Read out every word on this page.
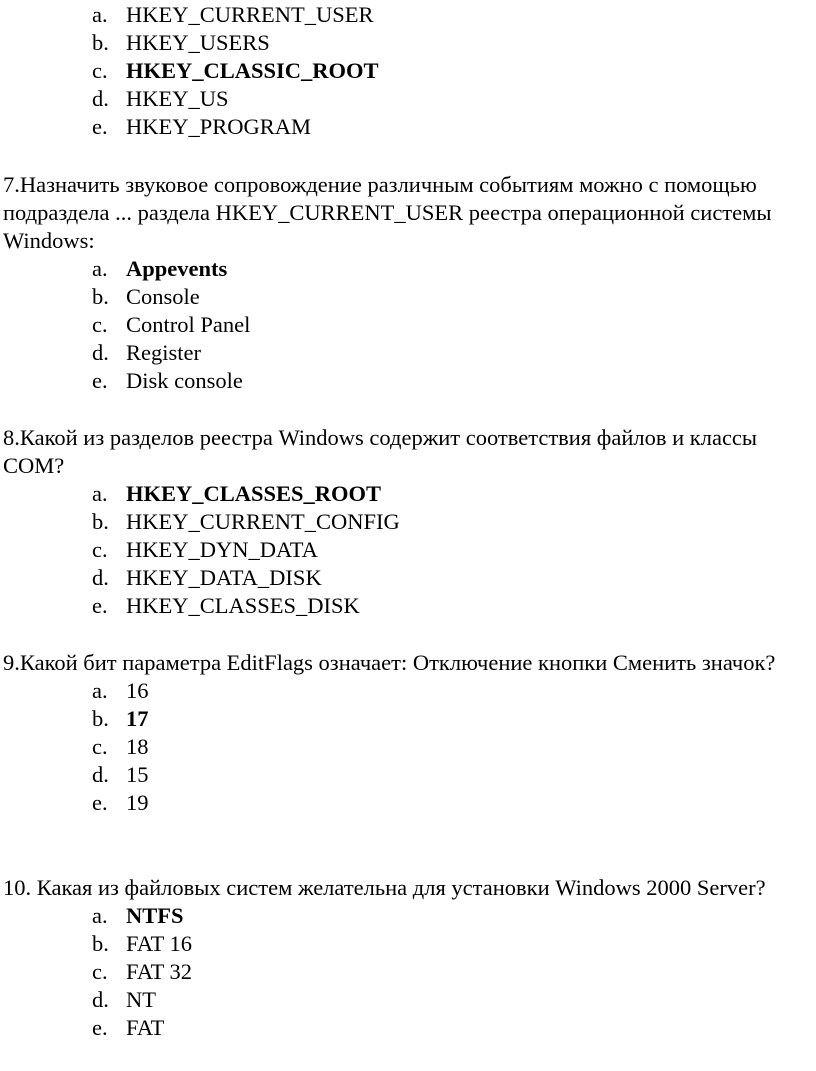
a. HKEY_CURRENT_USER
b. HKEY_USERS
c. HKEY_CLASSIC_ROOT
d. HKEY_US
e. HKEY_PROGRAM

7.Назначить звуковое сопровождение различным событиям можно с помощью подраздела ... раздела HKEY_CURRENT_USER реестра операционной системы Windows:

a. Appevents
b. Console
c. Control Panel
d. Register
e. Disk console

8.Какой из разделов реестра Windows содержит соответствия файлов и классы COM?

a. HKEY_CLASSES_ROOT
b. HKEY_CURRENT_CONFIG
c. HKEY_DYN_DATA
d. HKEY_DATA_DISK
e. HKEY_CLASSES_DISK

9.Какой бит параметра EditFlags означает: Отключение кнопки Сменить значок?

a. 16
b. 17
c. 18
d. 15
e. 19

10. Какая из файловых систем желательна для установки Windows 2000 Server?

a. NTFS
b. FAT 16
c. FAT 32
d. NT
e. FAT
